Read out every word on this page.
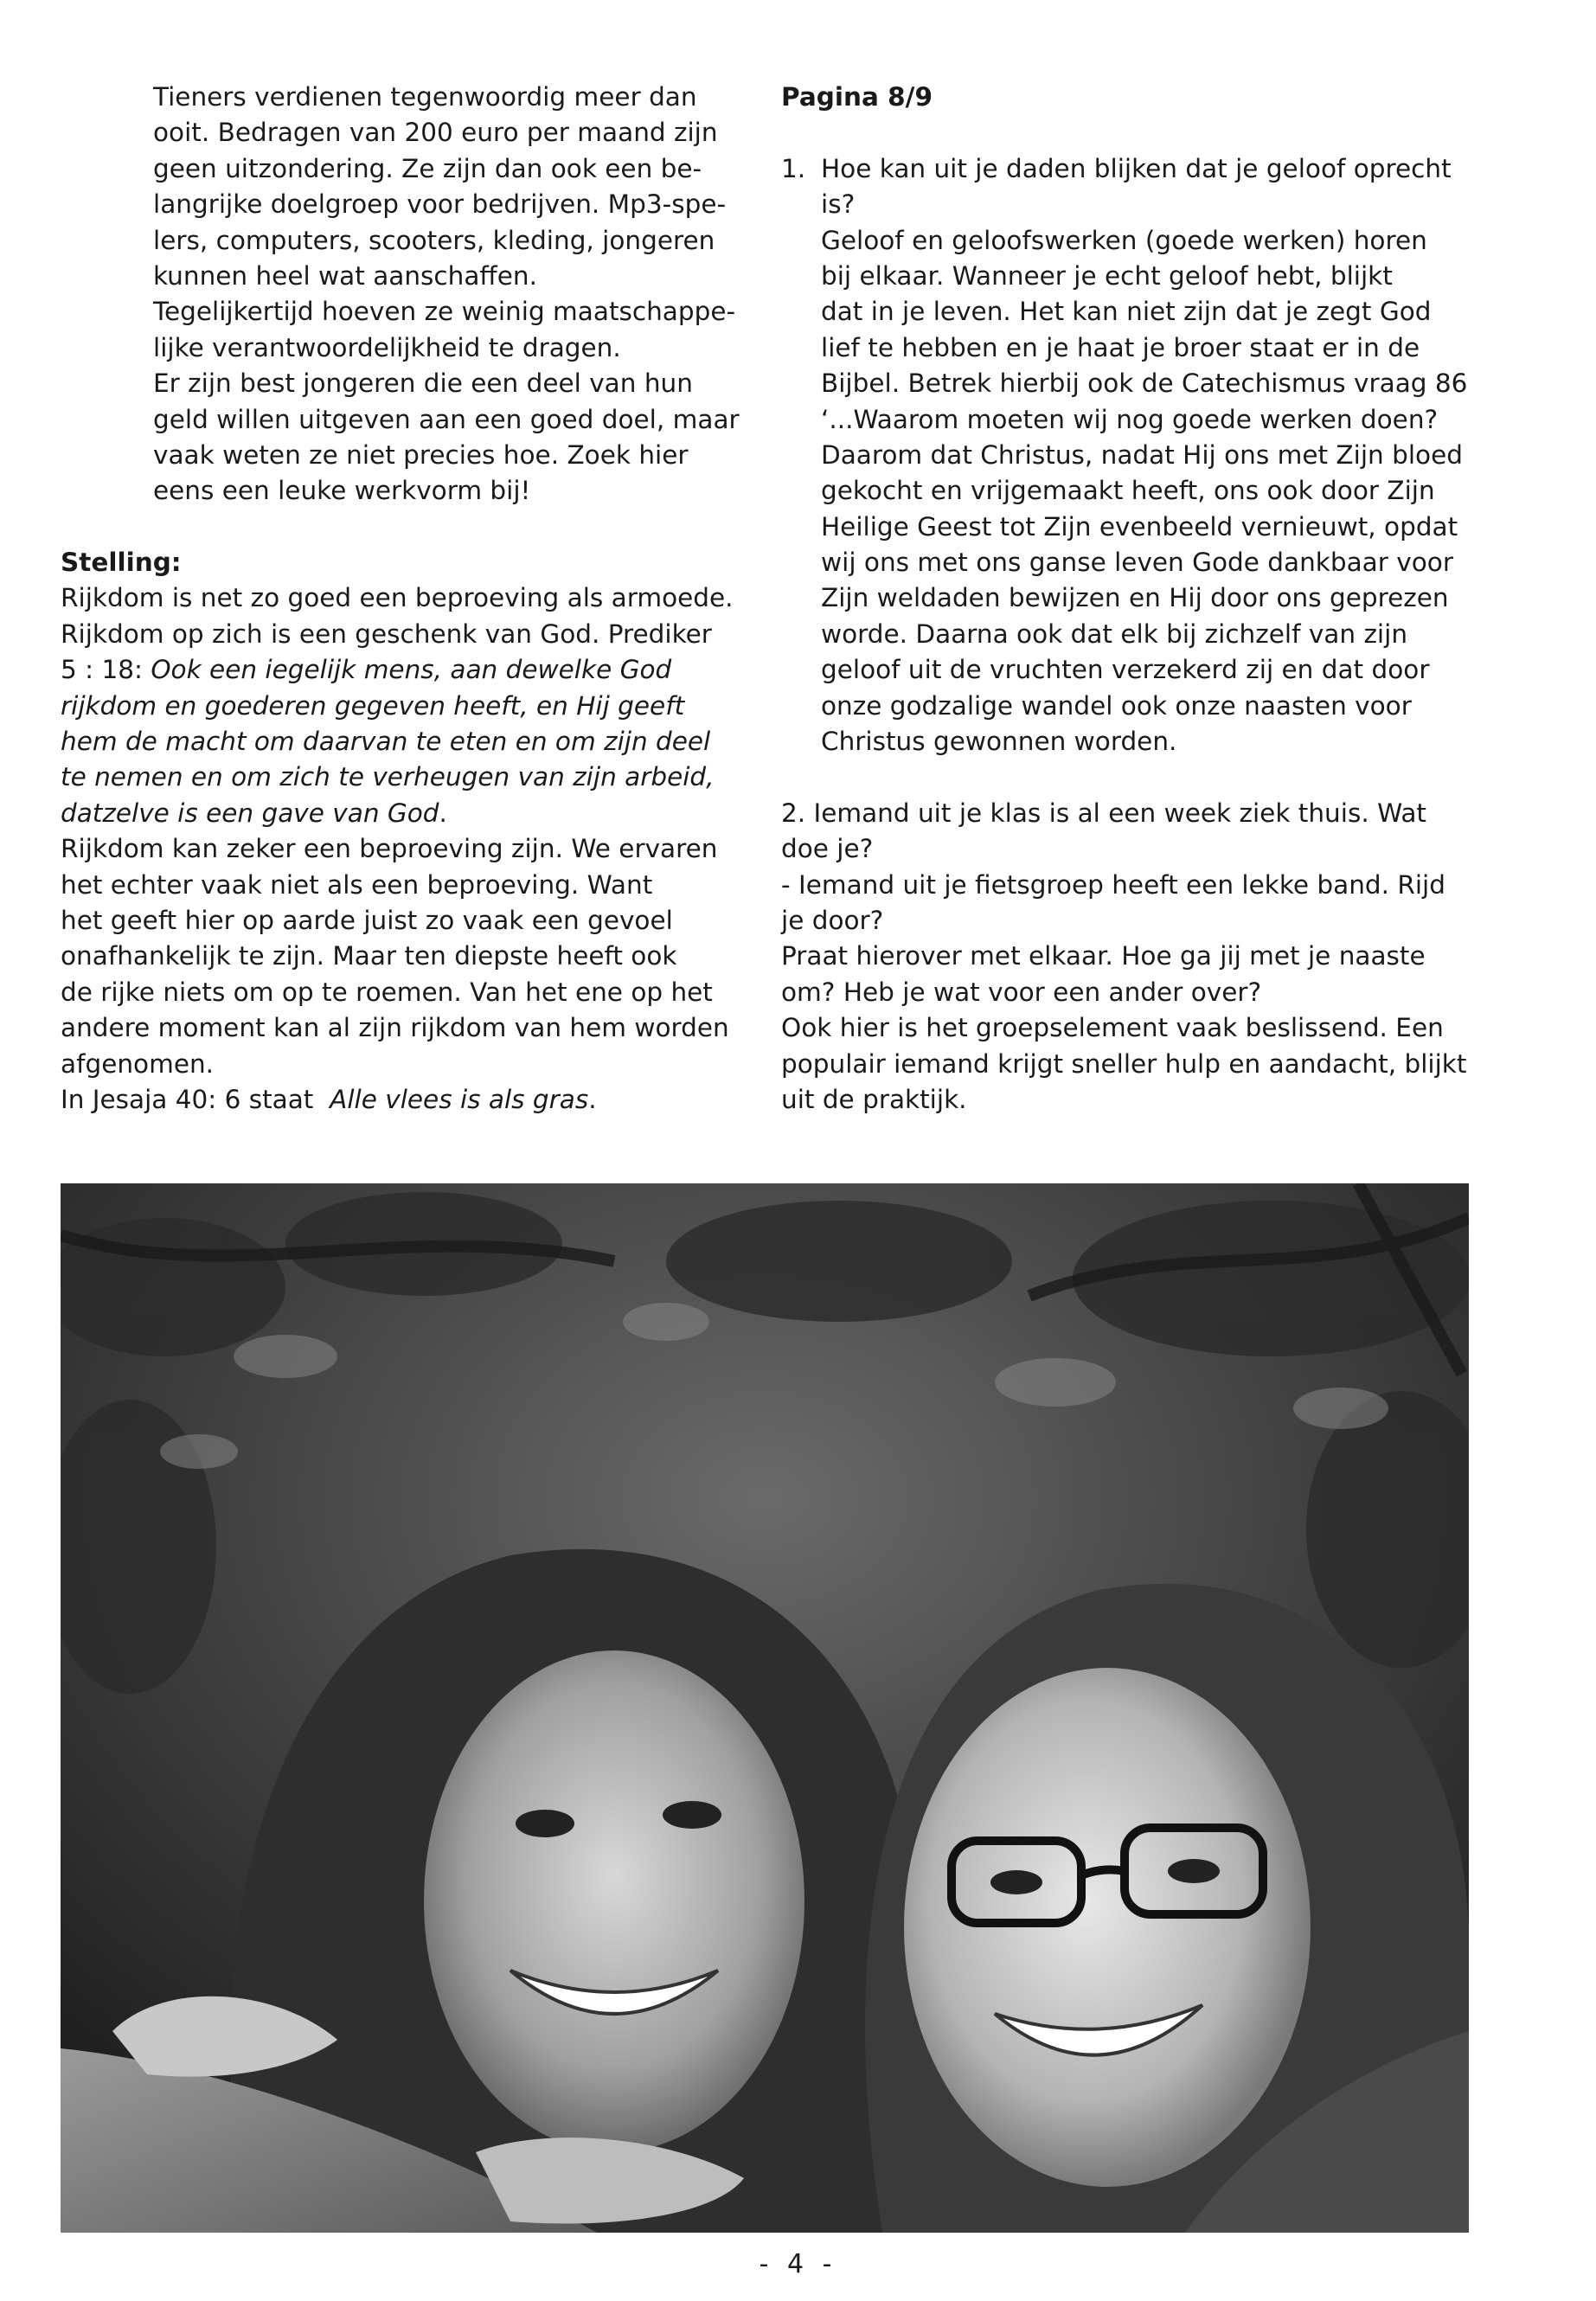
Tieners verdienen tegenwoordig meer dan
ooit. Bedragen van 200 euro per maand zijn
geen uitzondering. Ze zijn dan ook een be-
langrijke doelgroep voor bedrijven. Mp3-spe-
lers, computers, scooters, kleding, jongeren
kunnen heel wat aanschaffen.
Tegelijkertijd hoeven ze weinig maatschappe-
lijke verantwoordelijkheid te dragen.
Er zijn best jongeren die een deel van hun
geld willen uitgeven aan een goed doel, maar
vaak weten ze niet precies hoe. Zoek hier
eens een leuke werkvorm bij!
Stelling:
Rijkdom is net zo goed een beproeving als armoede.
Rijkdom op zich is een geschenk van God. Prediker
5 : 18: Ook een iegelijk mens, aan dewelke God
rijkdom en goederen gegeven heeft, en Hij geeft
hem de macht om daarvan te eten en om zijn deel
te nemen en om zich te verheugen van zijn arbeid,
datzelve is een gave van God.
Rijkdom kan zeker een beproeving zijn. We ervaren
het echter vaak niet als een beproeving. Want
het geeft hier op aarde juist zo vaak een gevoel
onafhankelijk te zijn. Maar ten diepste heeft ook
de rijke niets om op te roemen. Van het ene op het
andere moment kan al zijn rijkdom van hem worden
afgenomen.
In Jesaja 40: 6 staat  Alle vlees is als gras.
Pagina 8/9
1. Hoe kan uit je daden blijken dat je geloof oprecht
is?
Geloof en geloofswerken (goede werken) horen
bij elkaar. Wanneer je echt geloof hebt, blijkt
dat in je leven. Het kan niet zijn dat je zegt God
lief te hebben en je haat je broer staat er in de
Bijbel. Betrek hierbij ook de Catechismus vraag 86
‘...Waarom moeten wij nog goede werken doen?
Daarom dat Christus, nadat Hij ons met Zijn bloed
gekocht en vrijgemaakt heeft, ons ook door Zijn
Heilige Geest tot Zijn evenbeeld vernieuwt, opdat
wij ons met ons ganse leven Gode dankbaar voor
Zijn weldaden bewijzen en Hij door ons geprezen
worde. Daarna ook dat elk bij zichzelf van zijn
geloof uit de vruchten verzekerd zij en dat door
onze godzalige wandel ook onze naasten voor
Christus gewonnen worden.
2. Iemand uit je klas is al een week ziek thuis. Wat
doe je?
- Iemand uit je fietsgroep heeft een lekke band. Rijd
je door?
Praat hierover met elkaar. Hoe ga jij met je naaste
om? Heb je wat voor een ander over?
Ook hier is het groepselement vaak beslissend. Een
populair iemand krijgt sneller hulp en aandacht, blijkt
uit de praktijk.
- 4 -
